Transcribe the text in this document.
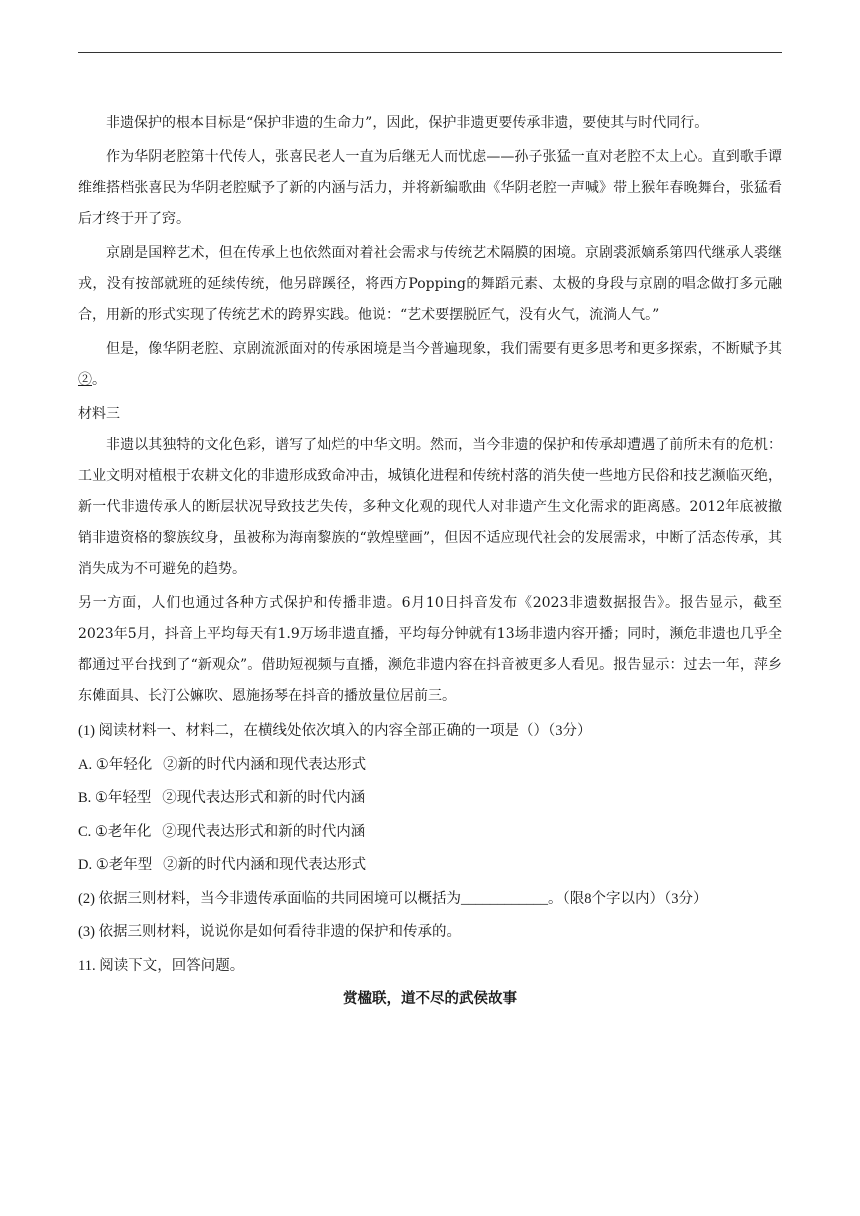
非遗保护的根本目标是“保护非遗的生命力”，因此，保护非遗更要传承非遗，要使其与时代同行。

作为华阴老腔第十代传人，张喜民老人一直为后继无人而忧虑——孙子张猛一直对老腔不太上心。直到歌手谭维维搭档张喜民为华阴老腔赋予了新的内涵与活力，并将新编歌曲《华阴老腔一声喊》带上猴年春晚舞台，张猛看后才终于开了窍。

京剧是国粹艺术，但在传承上也依然面对着社会需求与传统艺术隔膜的困境。京剧裘派嫡系第四代继承人裘继戎，没有按部就班的延续传统，他另辟蹊径，将西方Popping的舞蹈元素、太极的身段与京剧的唱念做打多元融合，用新的形式实现了传统艺术的跨界实践。他说：“艺术要摆脱匠气，没有火气，流淌人气。”

但是，像华阴老腔、京剧流派面对的传承困境是当今普遍现象，我们需要有更多思考和更多探索，不断赋予其②。

材料三

非遗以其独特的文化色彩，谱写了灿烂的中华文明。然而，当今非遗的保护和传承却遭遇了前所未有的危机：工业文明对植根于农耕文化的非遗形成致命冲击，城镇化进程和传统村落的消失使一些地方民俗和技艺濒临灭绝，新一代非遗传承人的断层状况导致技艺失传，多种文化观的现代人对非遗产生文化需求的距离感。2012年底被撤销非遗资格的黎族纹身，虽被称为海南黎族的“敦煌壁画”，但因不适应现代社会的发展需求，中断了活态传承，其消失成为不可避免的趋势。

另一方面，人们也通过各种方式保护和传播非遗。6月10日抖音发布《2023非遗数据报告》。报告显示，截至2023年5月，抖音上平均每天有1.9万场非遗直播，平均每分钟就有13场非遗内容开播；同时，濒危非遗也几乎全都通过平台找到了“新观众”。借助短视频与直播，濒危非遗内容在抖音被更多人看见。报告显示：过去一年，萍乡东傩面具、长汀公嫲吹、恩施扬琴在抖音的播放量位居前三。

(1) 阅读材料一、材料二，在横线处依次填入的内容全部正确的一项是（）（3分）

A. ①年轻化   ②新的时代内涵和现代表达形式

B. ①年轻型   ②现代表达形式和新的时代内涵

C. ①老年化   ②现代表达形式和新的时代内涵

D. ①老年型   ②新的时代内涵和现代表达形式

(2) 依据三则材料，当今非遗传承面临的共同困境可以概括为____________。（限8个字以内）（3分）

(3) 依据三则材料，说说你是如何看待非遗的保护和传承的。

11. 阅读下文，回答问题。

赏楹联，道不尽的武侯故事
